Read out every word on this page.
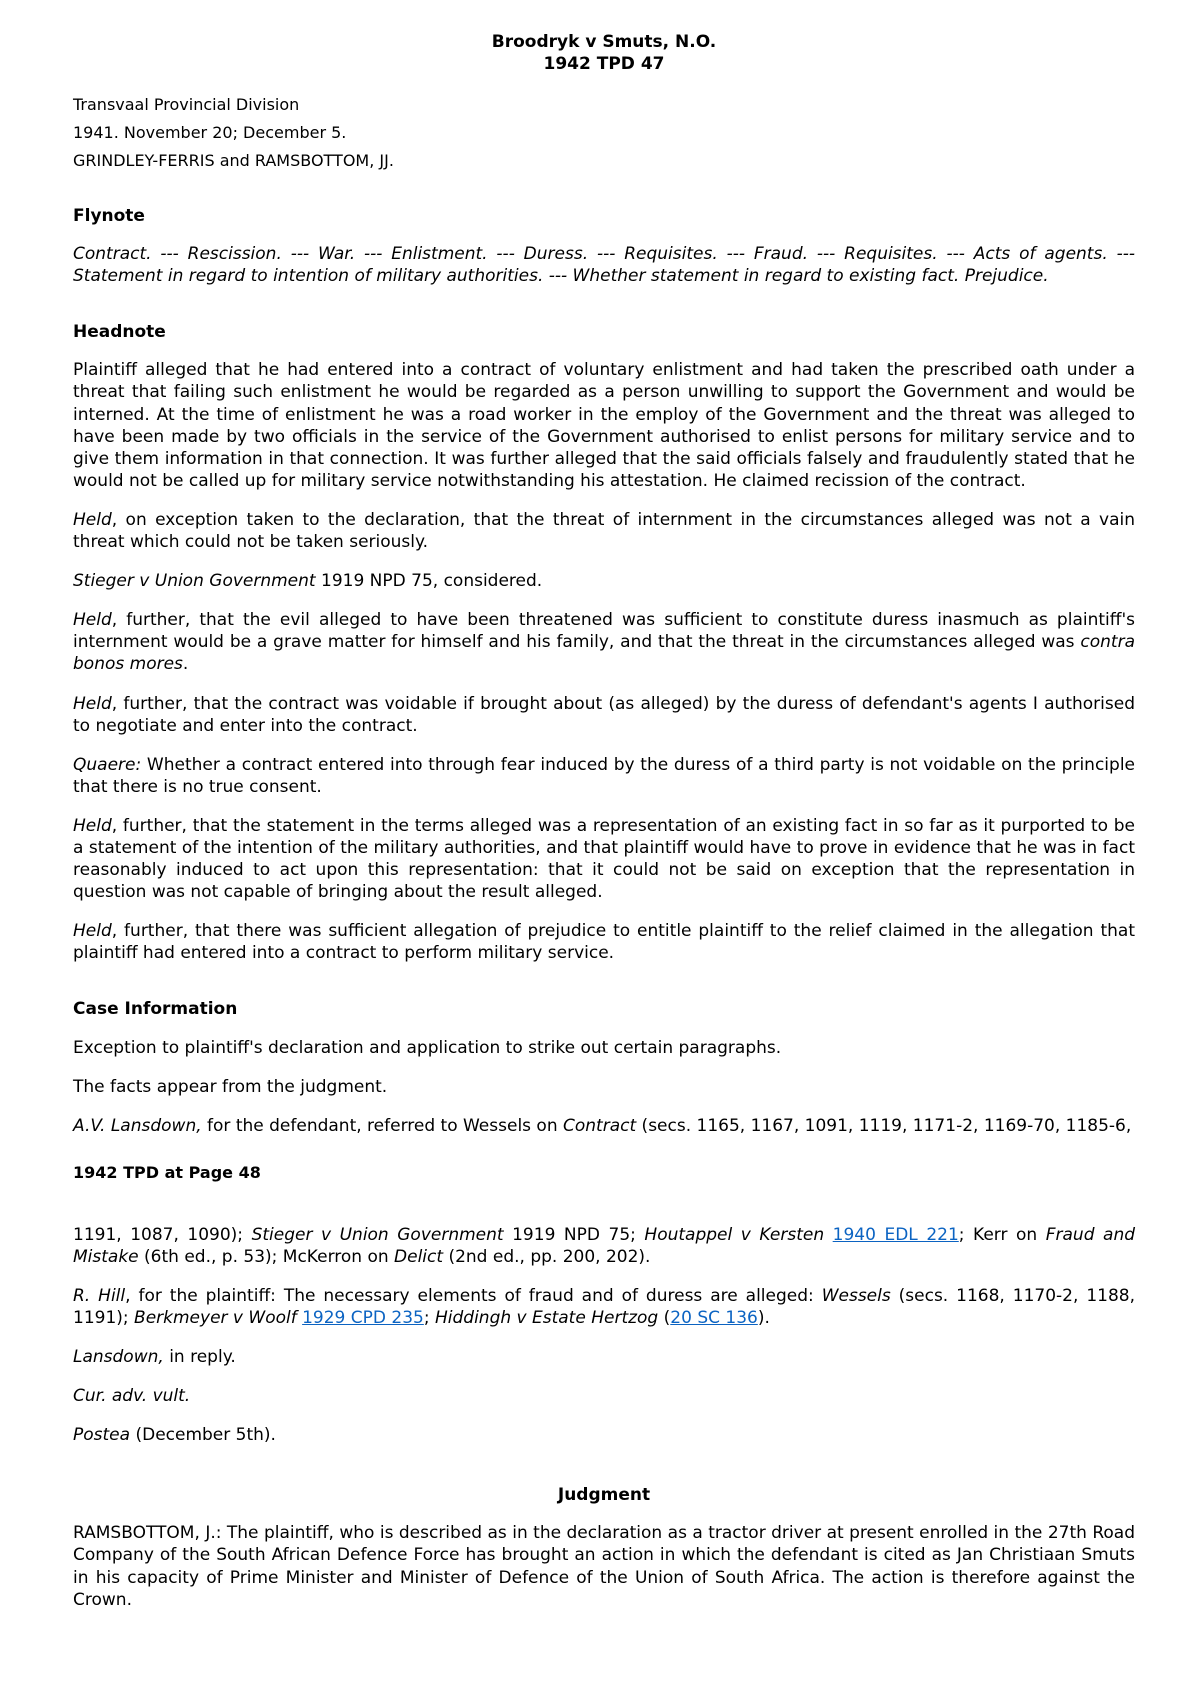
Broodryk v Smuts, N.O.
1942 TPD 47
Transvaal Provincial Division
1941. November 20; December 5.
GRINDLEY-FERRIS and RAMSBOTTOM, JJ.
Flynote

Contract. --- Rescission. --- War. --- Enlistment. --- Duress. --- Requisites. --- Fraud. --- Requisites. --- Acts of agents. --- Statement in regard to intention of military authorities. --- Whether statement in regard to existing fact. Prejudice.

Headnote

Plaintiff alleged that he had entered into a contract of voluntary enlistment and had taken the prescribed oath under a threat that failing such enlistment he would be regarded as a person unwilling to support the Government and would be interned. At the time of enlistment he was a road worker in the employ of the Government and the threat was alleged to have been made by two officials in the service of the Government authorised to enlist persons for military service and to give them information in that connection. It was further alleged that the said officials falsely and fraudulently stated that he would not be called up for military service notwithstanding his attestation. He claimed recission of the contract.

Held, on exception taken to the declaration, that the threat of internment in the circumstances alleged was not a vain threat which could not be taken seriously.

Stieger v Union Government 1919 NPD 75, considered.

Held, further, that the evil alleged to have been threatened was sufficient to constitute duress inasmuch as plaintiff's internment would be a grave matter for himself and his family, and that the threat in the circumstances alleged was contra bonos mores.

Held, further, that the contract was voidable if brought about (as alleged) by the duress of defendant's agents I authorised to negotiate and enter into the contract.

Quaere: Whether a contract entered into through fear induced by the duress of a third party is not voidable on the principle that there is no true consent.

Held, further, that the statement in the terms alleged was a representation of an existing fact in so far as it purported to be a statement of the intention of the military authorities, and that plaintiff would have to prove in evidence that he was in fact reasonably induced to act upon this representation: that it could not be said on exception that the representation in question was not capable of bringing about the result alleged.

Held, further, that there was sufficient allegation of prejudice to entitle plaintiff to the relief claimed in the allegation that plaintiff had entered into a contract to perform military service.

Case Information

Exception to plaintiff's declaration and application to strike out certain paragraphs.

The facts appear from the judgment.

A.V. Lansdown, for the defendant, referred to Wessels on Contract (secs. 1165, 1167, 1091, 1119, 1171-2, 1169-70, 1185-6,

1942 TPD at Page 48

1191, 1087, 1090); Stieger v Union Government 1919 NPD 75; Houtappel v Kersten 1940 EDL 221; Kerr on Fraud and Mistake (6th ed., p. 53); McKerron on Delict (2nd ed., pp. 200, 202).

R. Hill, for the plaintiff: The necessary elements of fraud and of duress are alleged: Wessels (secs. 1168, 1170-2, 1188, 1191); Berkmeyer v Woolf 1929 CPD 235; Hiddingh v Estate Hertzog (20 SC 136).

Lansdown, in reply.

Cur. adv. vult.

Postea (December 5th).

Judgment

RAMSBOTTOM, J.: The plaintiff, who is described as in the declaration as a tractor driver at present enrolled in the 27th Road Company of the South African Defence Force has brought an action in which the defendant is cited as Jan Christiaan Smuts in his capacity of Prime Minister and Minister of Defence of the Union of South Africa. The action is therefore against the Crown.
